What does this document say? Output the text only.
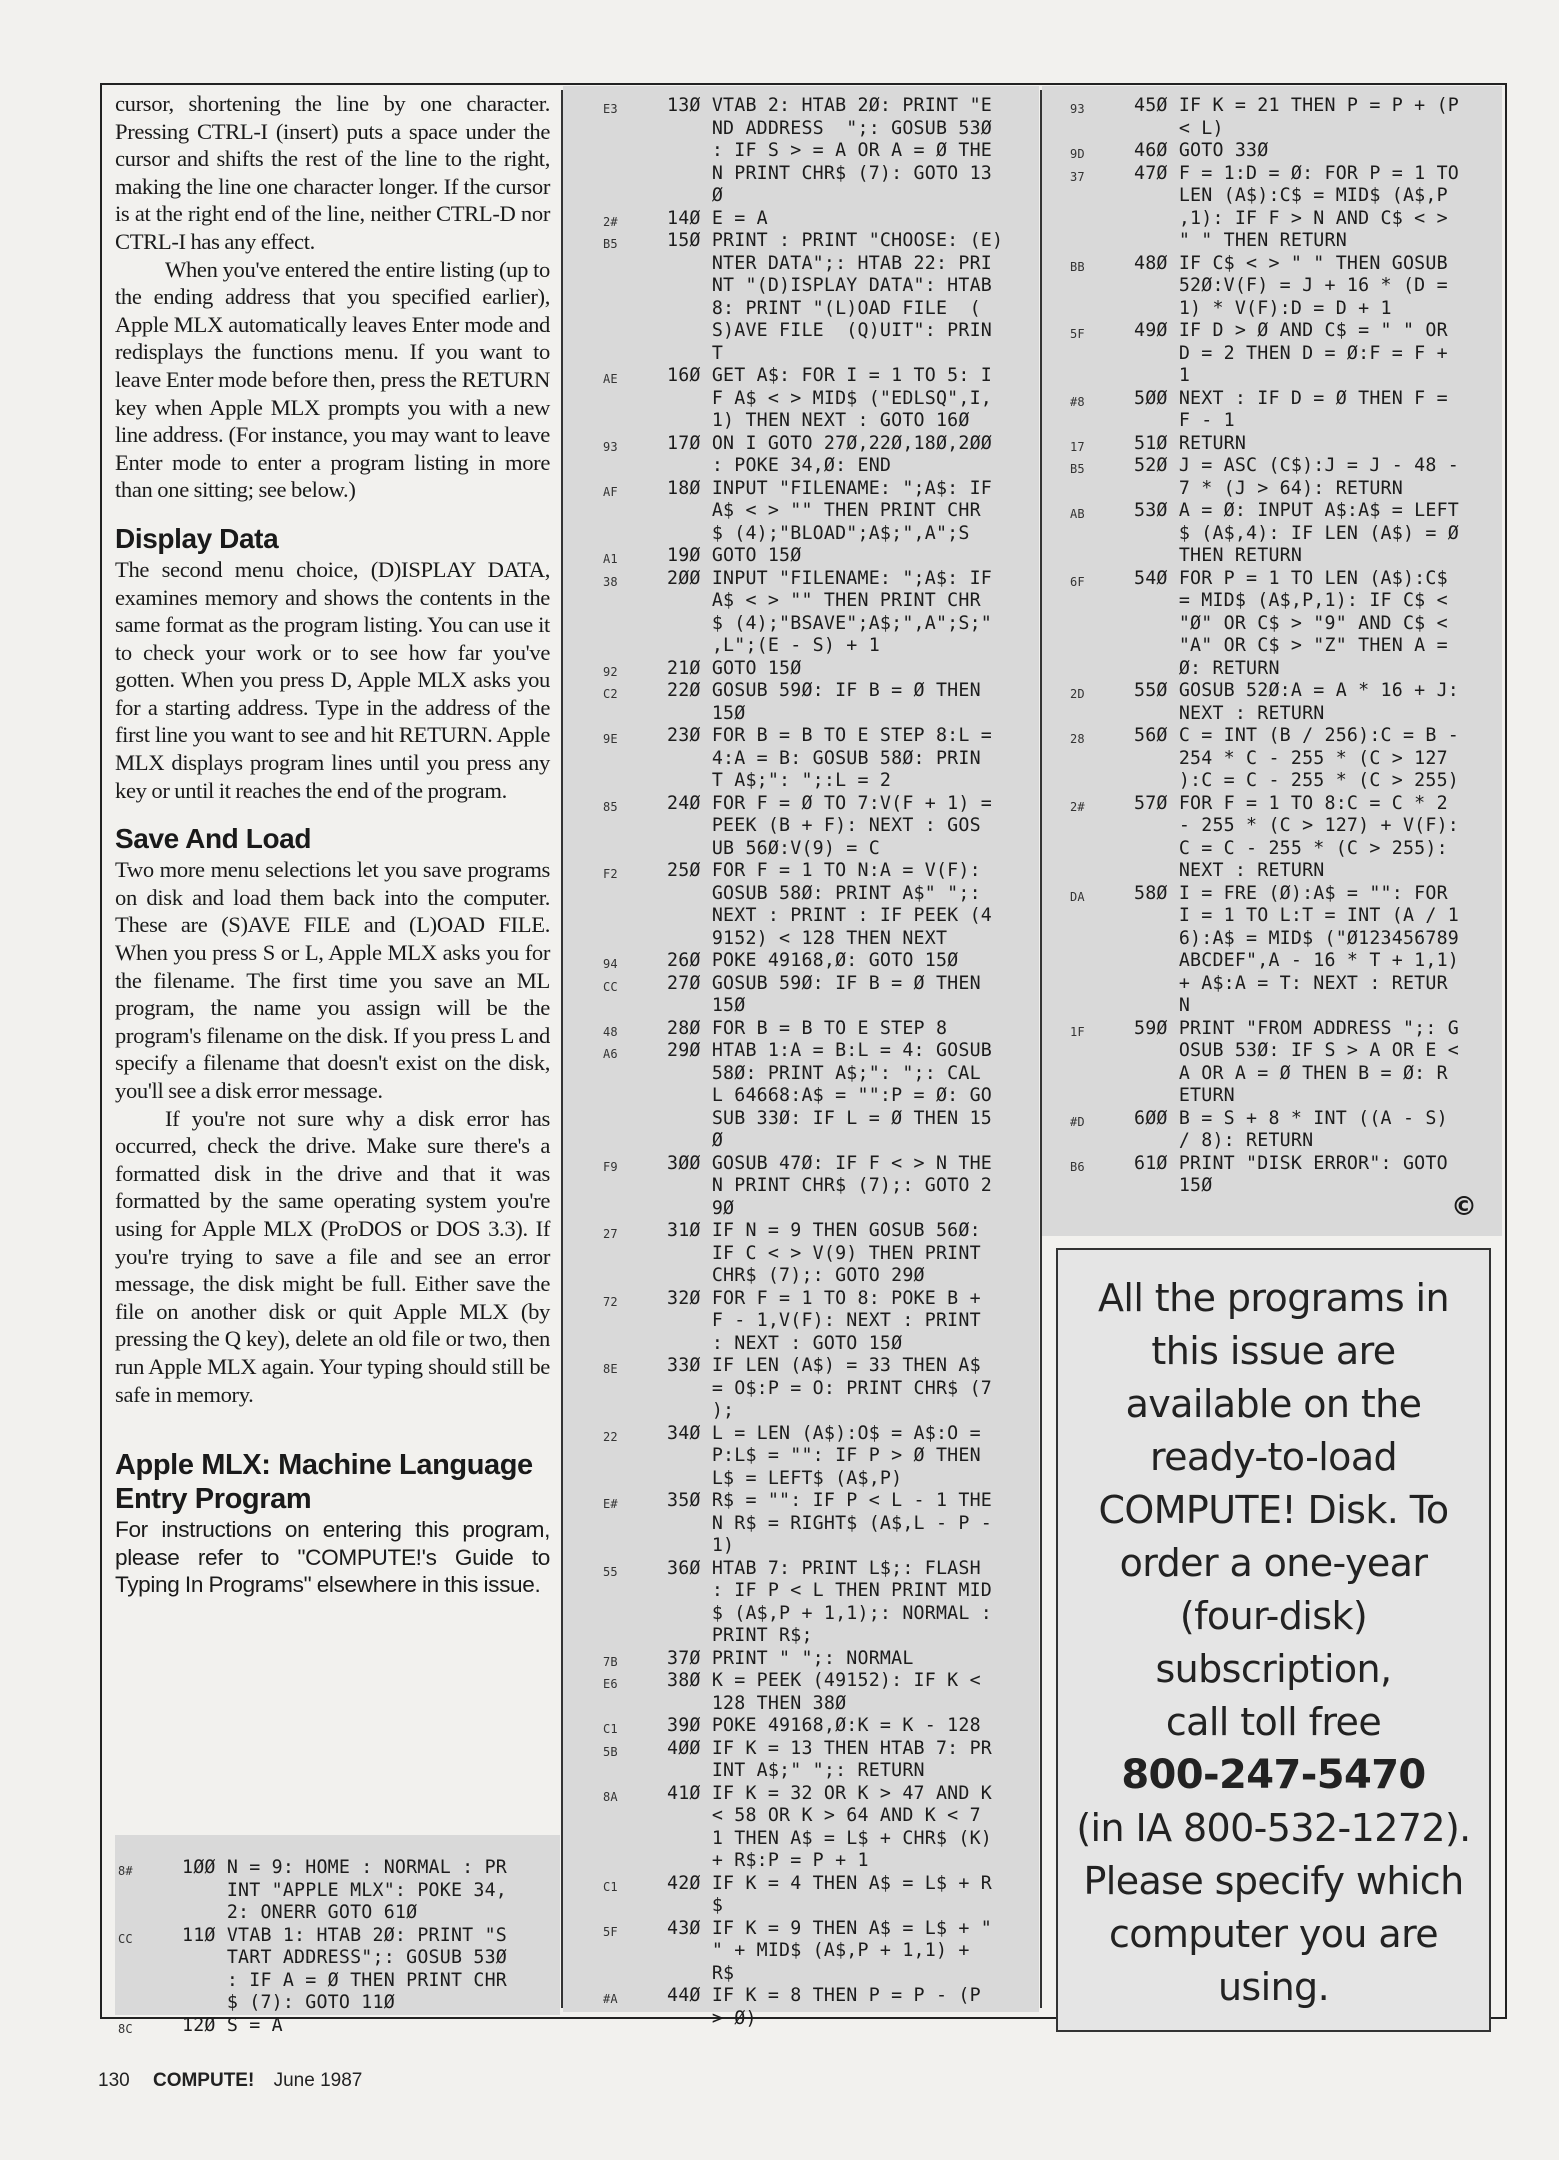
cursor, shortening the line by one character. Pressing CTRL-I (insert) puts a space under the cursor and shifts the rest of the line to the right, making the line one character longer. If the cursor is at the right end of the line, neither CTRL-D nor CTRL-I has any effect.

When you've entered the entire listing (up to the ending address that you specified earlier), Apple MLX automatically leaves Enter mode and redisplays the functions menu. If you want to leave Enter mode before then, press the RETURN key when Apple MLX prompts you with a new line address. (For instance, you may want to leave Enter mode to enter a program listing in more than one sitting; see below.)

Display Data

The second menu choice, (D)ISPLAY DATA, examines memory and shows the contents in the same format as the program listing. You can use it to check your work or to see how far you've gotten. When you press D, Apple MLX asks you for a starting address. Type in the address of the first line you want to see and hit RETURN. Apple MLX displays program lines until you press any key or until it reaches the end of the program.

Save And Load

Two more menu selections let you save programs on disk and load them back into the computer. These are (S)AVE FILE and (L)OAD FILE. When you press S or L, Apple MLX asks you for the filename. The first time you save an ML program, the name you assign will be the program's filename on the disk. If you press L and specify a filename that doesn't exist on the disk, you'll see a disk error message.

If you're not sure why a disk error has occurred, check the drive. Make sure there's a formatted disk in the drive and that it was formatted by the same operating system you're using for Apple MLX (ProDOS or DOS 3.3). If you're trying to save a file and see an error message, the disk might be full. Either save the file on another disk or quit Apple MLX (by pressing the Q key), delete an old file or two, then run Apple MLX again. Your typing should still be safe in memory.

Apple MLX: Machine Language Entry Program

For instructions on entering this program, please refer to "COMPUTE!'s Guide to Typing In Programs" elsewhere in this issue.

1ØØ N = 9: HOME : NORMAL : PR
INT "APPLE MLX": POKE 34,
2: ONERR GOTO 61Ø
11Ø VTAB 1: HTAB 2Ø: PRINT "S
TART ADDRESS";: GOSUB 53Ø
: IF A = Ø THEN PRINT CHR
$ (7): GOTO 11Ø
8C	12Ø S = A
13Ø VTAB 2: HTAB 2Ø: PRINT "E
ND ADDRESS  ";: GOSUB 53Ø
: IF S > = A OR A = Ø THE
N PRINT CHR$ (7): GOTO 13
Ø
14Ø E = A
15Ø PRINT : PRINT "CHOOSE: (E)
NTER DATA";: HTAB 22: PRI
NT "(D)ISPLAY DATA": HTAB
8: PRINT "(L)OAD FILE  (
S)AVE FILE  (Q)UIT": PRIN
T
16Ø GET A$: FOR I = 1 TO 5: I
F A$ < > MID$ ("EDLSQ",I,
1) THEN NEXT : GOTO 16Ø
17Ø ON I GOTO 27Ø,22Ø,18Ø,2ØØ
: POKE 34,Ø: END
18Ø INPUT "FILENAME: ";A$: IF
A$ < > "" THEN PRINT CHR
$ (4);"BLOAD";A$;",A";S
19Ø GOTO 15Ø
2ØØ INPUT "FILENAME: ";A$: IF
A$ < > "" THEN PRINT CHR
$ (4);"BSAVE";A$;",A";S;"
,L";(E - S) + 1
21Ø GOTO 15Ø
22Ø GOSUB 59Ø: IF B = Ø THEN
15Ø
23Ø FOR B = B TO E STEP 8:L =
4:A = B: GOSUB 58Ø: PRIN
T A$;": ";:L = 2
24Ø FOR F = Ø TO 7:V(F + 1) =
PEEK (B + F): NEXT : GOS
UB 56Ø:V(9) = C
25Ø FOR F = 1 TO N:A = V(F):
GOSUB 58Ø: PRINT A$" ";:
NEXT : PRINT : IF PEEK (4
9152) < 128 THEN NEXT
26Ø POKE 49168,Ø: GOTO 15Ø
27Ø GOSUB 59Ø: IF B = Ø THEN
15Ø
28Ø FOR B = B TO E STEP 8
29Ø HTAB 1:A = B:L = 4: GOSUB
58Ø: PRINT A$;": ";: CAL
L 64668:A$ = "":P = Ø: GO
SUB 33Ø: IF L = Ø THEN 15
Ø
3ØØ GOSUB 47Ø: IF F < > N THE
N PRINT CHR$ (7);: GOTO 2
9Ø
31Ø IF N = 9 THEN GOSUB 56Ø:
IF C < > V(9) THEN PRINT
CHR$ (7);: GOTO 29Ø
32Ø FOR F = 1 TO 8: POKE B +
F - 1,V(F): NEXT : PRINT
: NEXT : GOTO 15Ø
33Ø IF LEN (A$) = 33 THEN A$
= O$:P = O: PRINT CHR$ (7
);
34Ø L = LEN (A$):O$ = A$:O =
P:L$ = "": IF P > Ø THEN
L$ = LEFT$ (A$,P)
35Ø R$ = "": IF P < L - 1 THE
N R$ = RIGHT$ (A$,L - P -
1)
36Ø HTAB 7: PRINT L$;: FLASH
: IF P < L THEN PRINT MID
$ (A$,P + 1,1);: NORMAL :
PRINT R$;
37Ø PRINT " ";: NORMAL
38Ø K = PEEK (49152): IF K <
128 THEN 38Ø
39Ø POKE 49168,Ø:K = K - 128
4ØØ IF K = 13 THEN HTAB 7: PR
INT A$;" ";: RETURN
41Ø IF K = 32 OR K > 47 AND K
< 58 OR K > 64 AND K < 7
1 THEN A$ = L$ + CHR$ (K)
+ R$:P = P + 1
42Ø IF K = 4 THEN A$ = L$ + R
$
43Ø IF K = 9 THEN A$ = L$ + "
" + MID$ (A$,P + 1,1) +
R$
44Ø IF K = 8 THEN P = P - (P
> Ø)
45Ø IF K = 21 THEN P = P + (P
< L)
46Ø GOTO 33Ø
47Ø F = 1:D = Ø: FOR P = 1 TO
LEN (A$):C$ = MID$ (A$,P
,1): IF F > N AND C$ < >
" " THEN RETURN
48Ø IF C$ < > " " THEN GOSUB
52Ø:V(F) = J + 16 * (D =
1) * V(F):D = D + 1
49Ø IF D > Ø AND C$ = " " OR
D = 2 THEN D = Ø:F = F +
1
5ØØ NEXT : IF D = Ø THEN F =
F - 1
51Ø RETURN
52Ø J = ASC (C$):J = J - 48 -
7 * (J > 64): RETURN
53Ø A = Ø: INPUT A$:A$ = LEFT
$ (A$,4): IF LEN (A$) = Ø
THEN RETURN
54Ø FOR P = 1 TO LEN (A$):C$
= MID$ (A$,P,1): IF C$ <
"Ø" OR C$ > "9" AND C$ <
"A" OR C$ > "Z" THEN A =
Ø: RETURN
55Ø GOSUB 52Ø:A = A * 16 + J:
NEXT : RETURN
56Ø C = INT (B / 256):C = B -
254 * C - 255 * (C > 127
):C = C - 255 * (C > 255)
57Ø FOR F = 1 TO 8:C = C * 2
- 255 * (C > 127) + V(F):
C = C - 255 * (C > 255):
NEXT : RETURN
58Ø I = FRE (Ø):A$ = "": FOR
I = 1 TO L:T = INT (A / 1
6):A$ = MID$ ("Ø123456789
ABCDEF",A - 16 * T + 1,1)
+ A$:A = T: NEXT : RETUR
N
59Ø PRINT "FROM ADDRESS ";: G
OSUB 53Ø: IF S > A OR E <
A OR A = Ø THEN B = Ø: R
ETURN
6ØØ B = S + 8 * INT ((A - S)
/ 8): RETURN
61Ø PRINT "DISK ERROR": GOTO
15Ø
©
All the programs in
this issue are
available on the
ready-to-load
COMPUTE! Disk. To
order a one-year
(four-disk)
subscription,
call toll free
800-247-5470
(in IA 800-532-1272).
Please specify which
computer you are
using.
130 COMPUTE! June 1987
